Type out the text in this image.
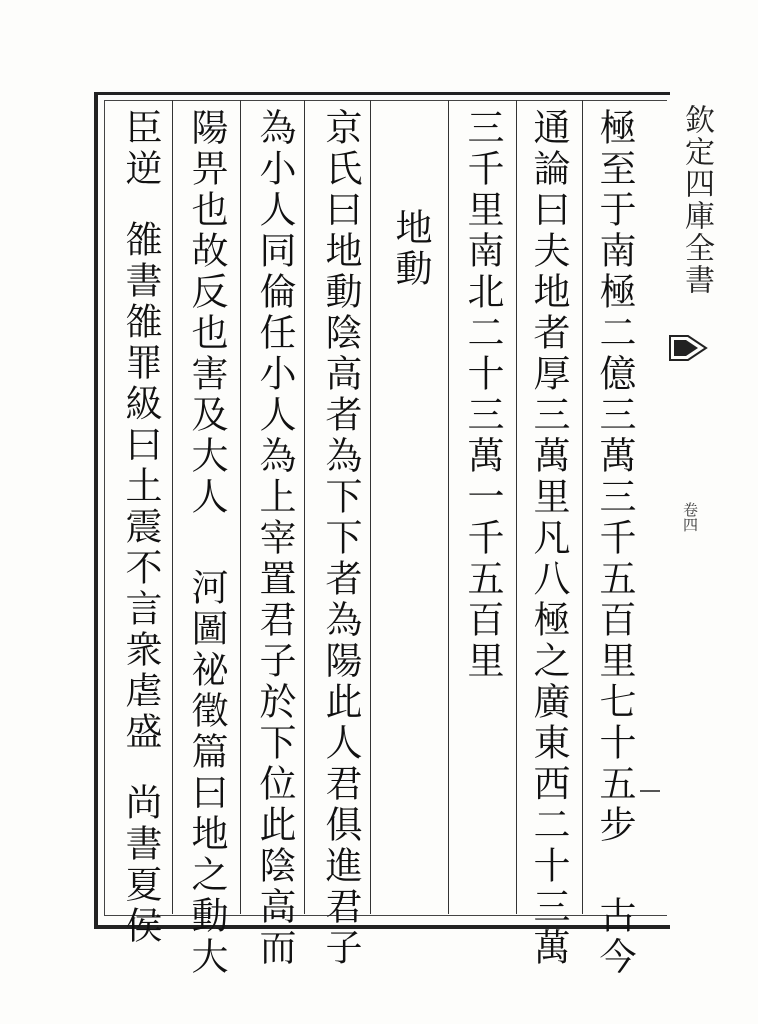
極至于南極二億三萬三千五百里七十五步
古今
通論曰夫地者厚三萬里凡八極之廣東西二十三萬
三千里南北二十三萬一千五百里
地動
京氏曰地動陰高者為下下者為陽此人君俱進君子
為小人同倫任小人為上宰置君子於下位此陰高而
陽畀也故反也害及大人
河圖祕徵篇曰地之動大
臣逆
雒書雒罪級曰土震不言衆虐盛
尚書夏侯
欽定四庫全書
卷四
